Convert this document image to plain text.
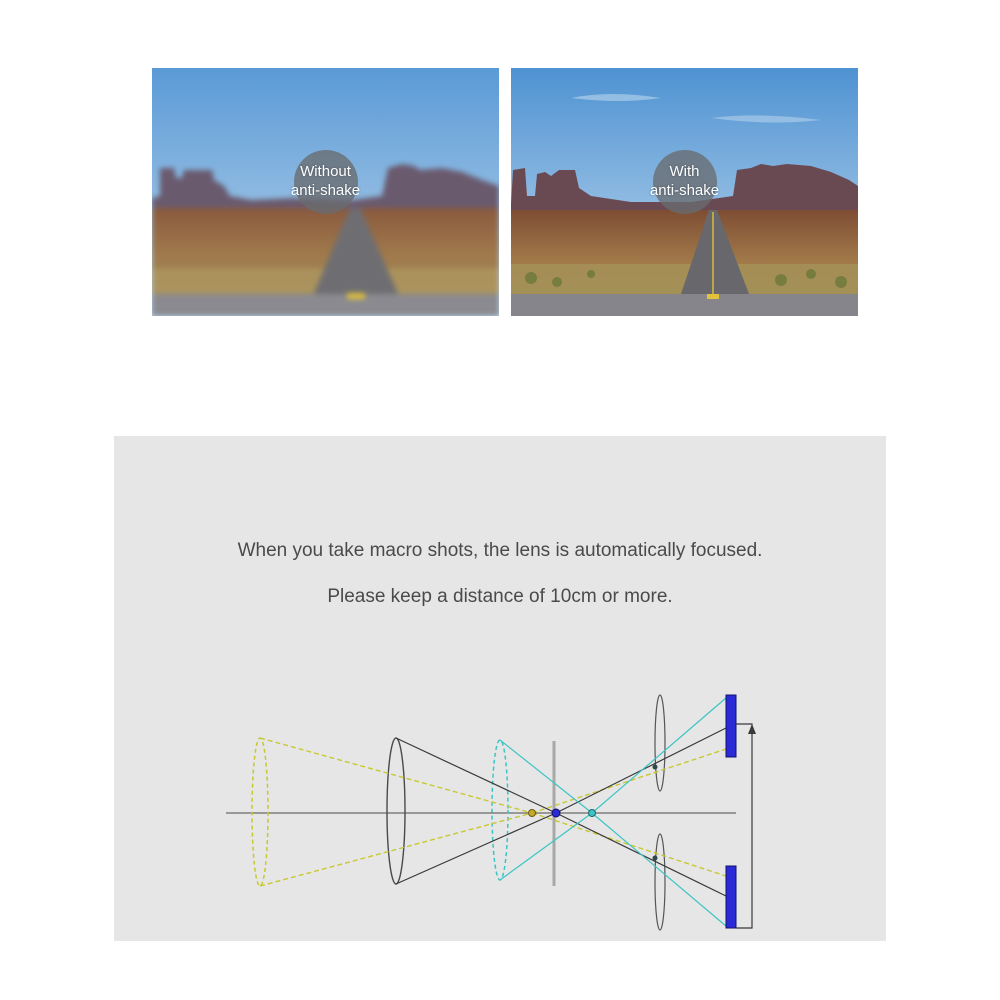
Without
anti-shake
With
anti-shake
When you take macro shots, the lens is automatically focused.
Please keep a distance of 10cm or more.
